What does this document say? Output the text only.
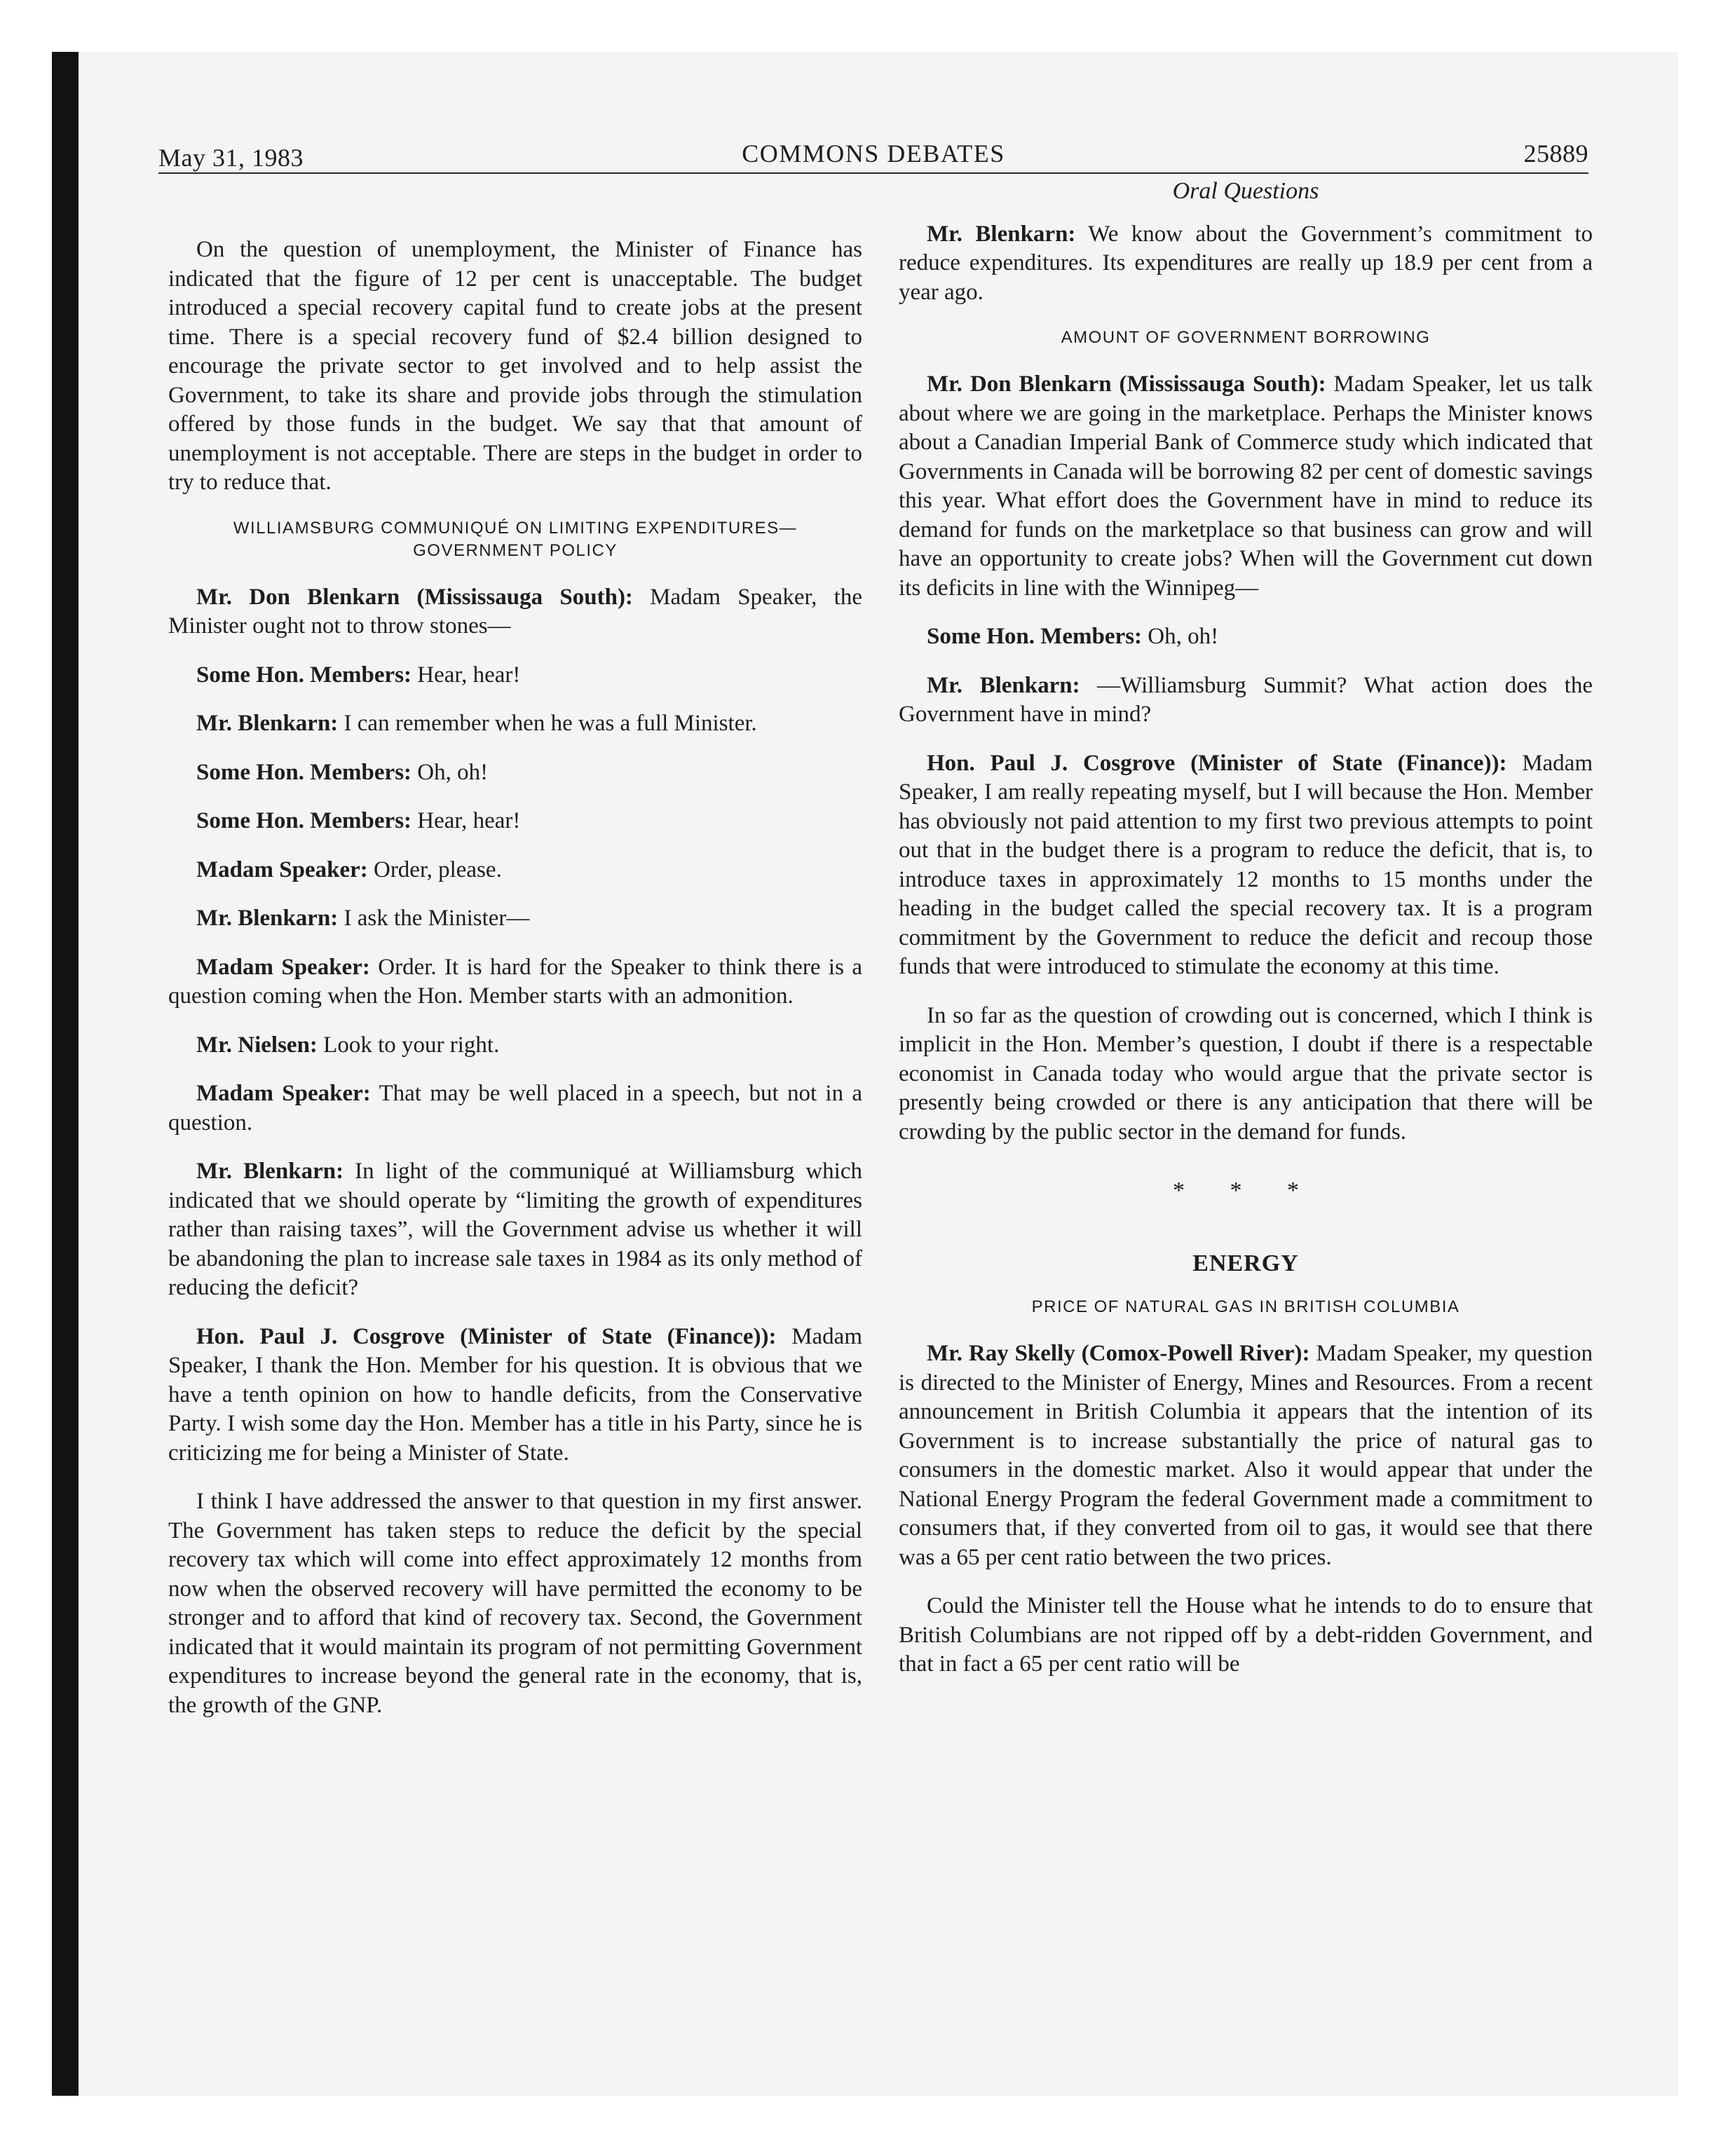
May 31, 1983	COMMONS DEBATES	25889

On the question of unemployment, the Minister of Finance has indicated that the figure of 12 per cent is unacceptable. The budget introduced a special recovery capital fund to create jobs at the present time. There is a special recovery fund of $2.4 billion designed to encourage the private sector to get involved and to help assist the Government, to take its share and provide jobs through the stimulation offered by those funds in the budget. We say that that amount of unemployment is not acceptable. There are steps in the budget in order to try to reduce that.

WILLIAMSBURG COMMUNIQUÉ ON LIMITING EXPENDITURES— GOVERNMENT POLICY

Mr. Don Blenkarn (Mississauga South): Madam Speaker, the Minister ought not to throw stones—

Some Hon. Members: Hear, hear!

Mr. Blenkarn: I can remember when he was a full Minister.

Some Hon. Members: Oh, oh!

Some Hon. Members: Hear, hear!

Madam Speaker: Order, please.

Mr. Blenkarn: I ask the Minister—

Madam Speaker: Order. It is hard for the Speaker to think there is a question coming when the Hon. Member starts with an admonition.

Mr. Nielsen: Look to your right.

Madam Speaker: That may be well placed in a speech, but not in a question.

Mr. Blenkarn: In light of the communiqué at Williamsburg which indicated that we should operate by “limiting the growth of expenditures rather than raising taxes”, will the Government advise us whether it will be abandoning the plan to increase sale taxes in 1984 as its only method of reducing the deficit?

Hon. Paul J. Cosgrove (Minister of State (Finance)): Madam Speaker, I thank the Hon. Member for his question. It is obvious that we have a tenth opinion on how to handle deficits, from the Conservative Party. I wish some day the Hon. Member has a title in his Party, since he is criticizing me for being a Minister of State.

I think I have addressed the answer to that question in my first answer. The Government has taken steps to reduce the deficit by the special recovery tax which will come into effect approximately 12 months from now when the observed recovery will have permitted the economy to be stronger and to afford that kind of recovery tax. Second, the Government indicated that it would maintain its program of not permitting Government expenditures to increase beyond the general rate in the economy, that is, the growth of the GNP.

Oral Questions

Mr. Blenkarn: We know about the Government’s commitment to reduce expenditures. Its expenditures are really up 18.9 per cent from a year ago.

AMOUNT OF GOVERNMENT BORROWING

Mr. Don Blenkarn (Mississauga South): Madam Speaker, let us talk about where we are going in the marketplace. Perhaps the Minister knows about a Canadian Imperial Bank of Commerce study which indicated that Governments in Canada will be borrowing 82 per cent of domestic savings this year. What effort does the Government have in mind to reduce its demand for funds on the marketplace so that business can grow and will have an opportunity to create jobs? When will the Government cut down its deficits in line with the Winnipeg—

Some Hon. Members: Oh, oh!

Mr. Blenkarn: —Williamsburg Summit? What action does the Government have in mind?

Hon. Paul J. Cosgrove (Minister of State (Finance)): Madam Speaker, I am really repeating myself, but I will because the Hon. Member has obviously not paid attention to my first two previous attempts to point out that in the budget there is a program to reduce the deficit, that is, to introduce taxes in approximately 12 months to 15 months under the heading in the budget called the special recovery tax. It is a program commitment by the Government to reduce the deficit and recoup those funds that were introduced to stimulate the economy at this time.

In so far as the question of crowding out is concerned, which I think is implicit in the Hon. Member’s question, I doubt if there is a respectable economist in Canada today who would argue that the private sector is presently being crowded or there is any anticipation that there will be crowding by the public sector in the demand for funds.

* * *
ENERGY
PRICE OF NATURAL GAS IN BRITISH COLUMBIA

Mr. Ray Skelly (Comox-Powell River): Madam Speaker, my question is directed to the Minister of Energy, Mines and Resources. From a recent announcement in British Columbia it appears that the intention of its Government is to increase substantially the price of natural gas to consumers in the domestic market. Also it would appear that under the National Energy Program the federal Government made a commitment to consumers that, if they converted from oil to gas, it would see that there was a 65 per cent ratio between the two prices.

Could the Minister tell the House what he intends to do to ensure that British Columbians are not ripped off by a debt-ridden Government, and that in fact a 65 per cent ratio will be
